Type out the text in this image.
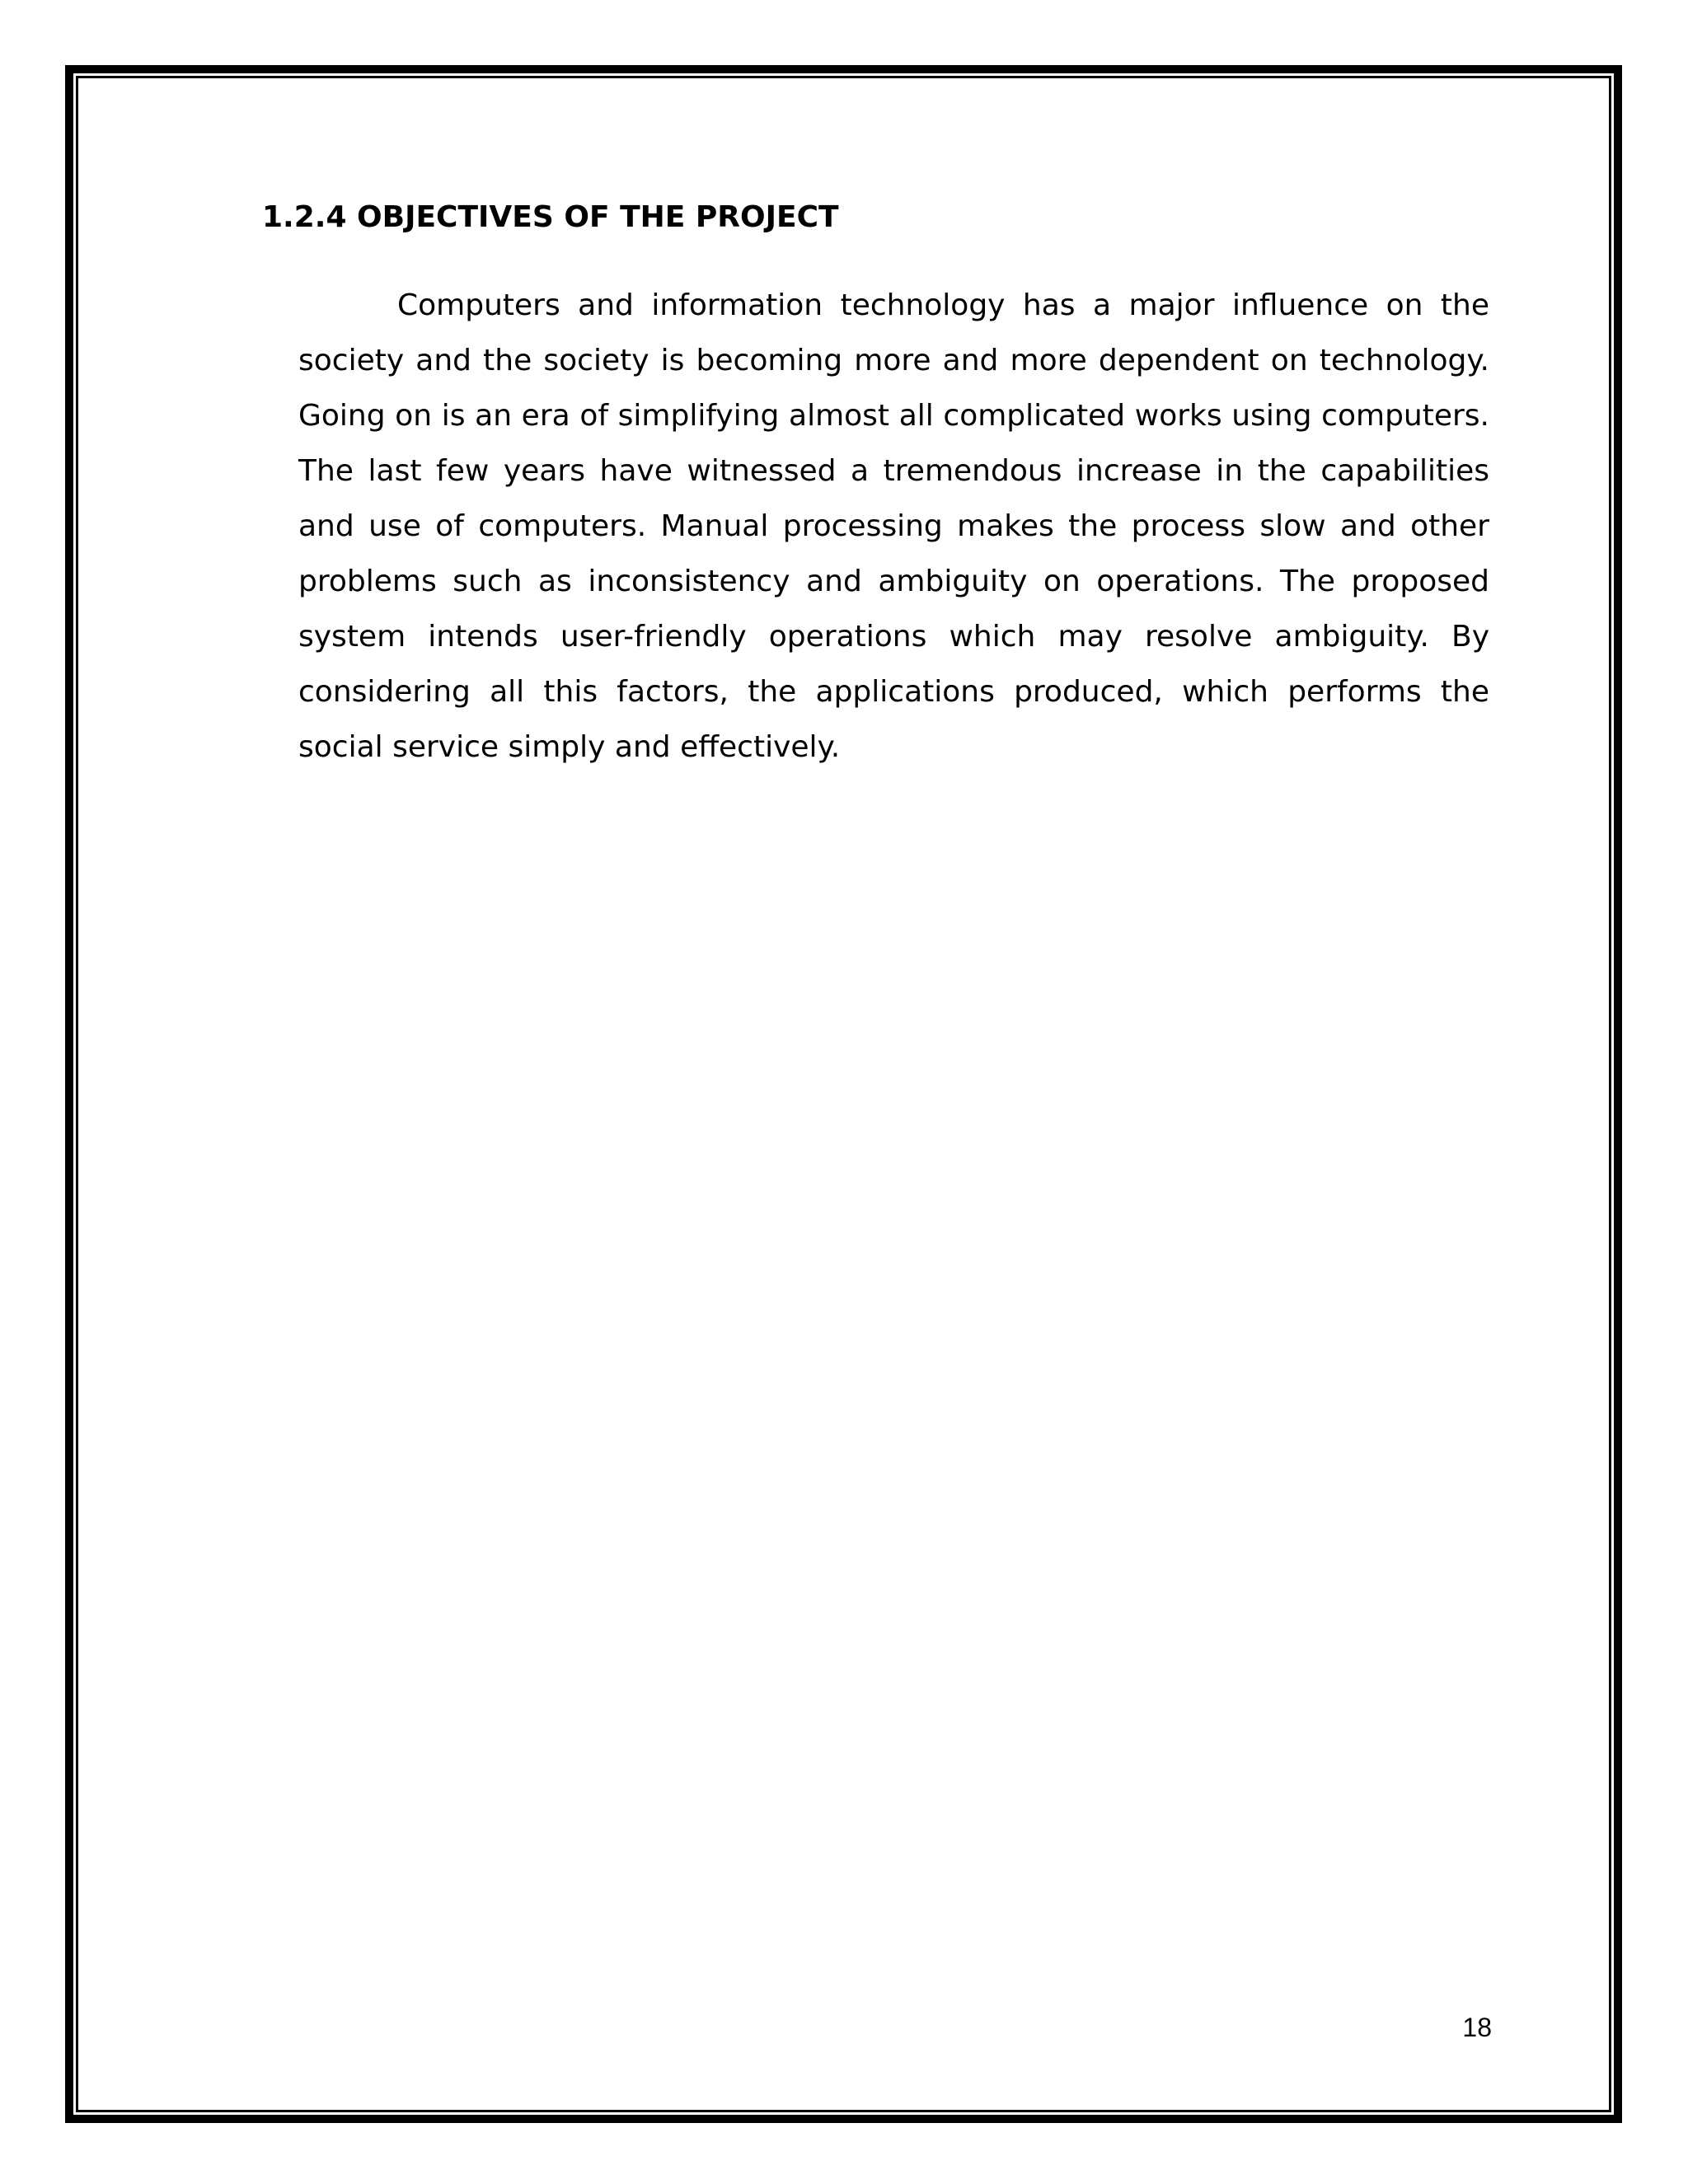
1.2.4 OBJECTIVES OF THE PROJECT

Computers and information technology has a major influence on the society and the society is becoming more and more dependent on technology. Going on is an era of simplifying almost all complicated works using computers. The last few years have witnessed a tremendous increase in the capabilities and use of computers. Manual processing makes the process slow and other problems such as inconsistency and ambiguity on operations. The proposed system intends user-friendly operations which may resolve ambiguity. By considering all this factors, the applications produced, which performs the social service simply and effectively.

18
